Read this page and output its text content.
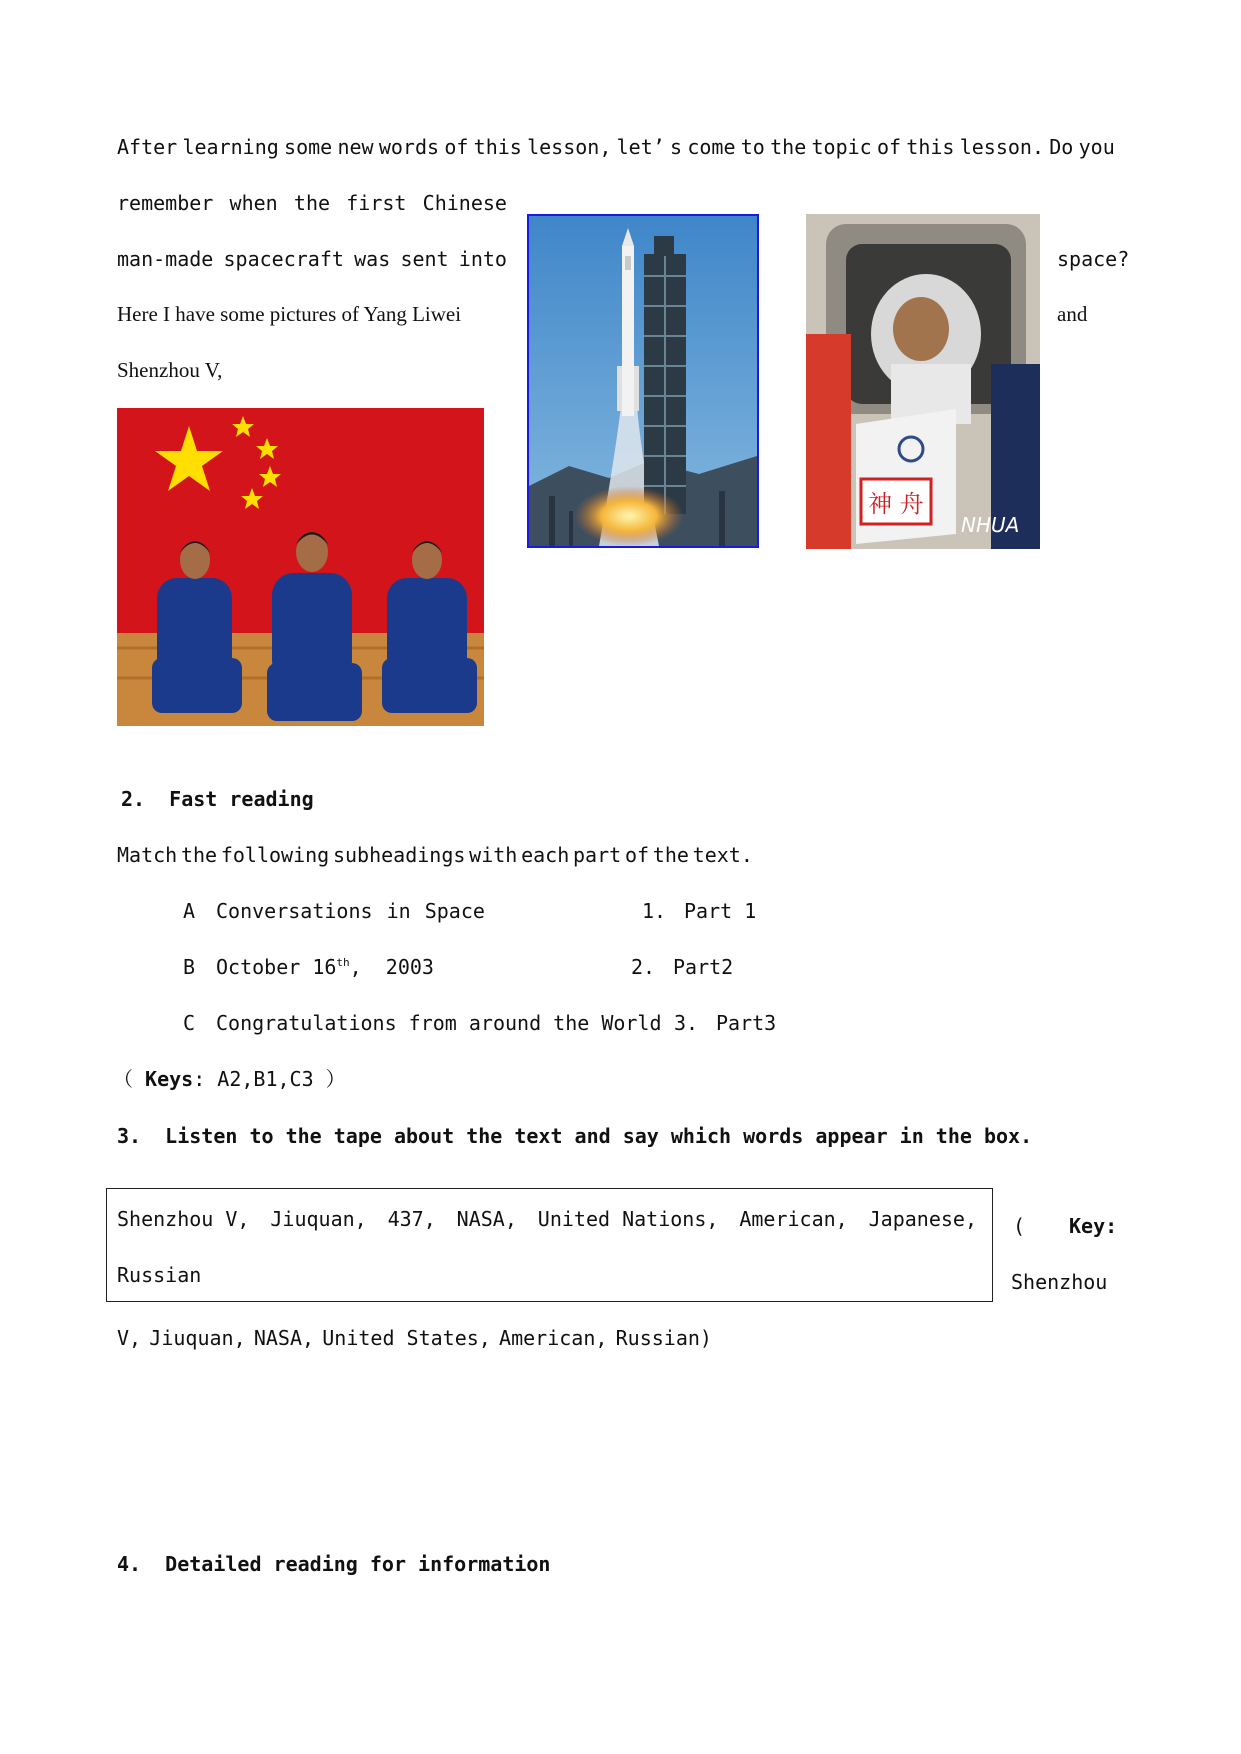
After learning some new words of this lesson, let’ s come to the topic of this lesson. Do you
remember when the first Chinese
man-made spacecraft was sent into	space?
Here I have some pictures of Yang Liwei	and
Shenzhou V,
神 舟
NHUA
2.  Fast reading
Match the following subheadings with each part of the text.
A Conversations in Space	1. Part 1
B October 16th,  2003	2. Part2
C Congratulations from around the World 3. Part3
（ Keys: A2,B1,C3 ）
3.  Listen to the tape about the text and say which words appear in the box.
Shenzhou V, Jiuquan, 437, NASA, United Nations, American, Japanese,
Russian
( Key:
Shenzhou
V, Jiuquan, NASA, United States, American, Russian)
4.  Detailed reading for information
